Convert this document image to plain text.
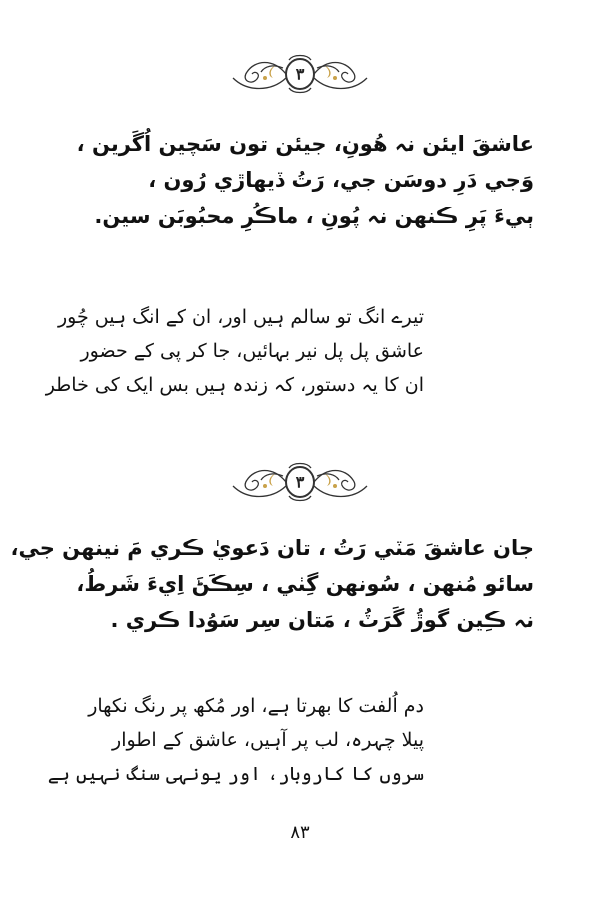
٣
عاشقَ ايئن نہ ھُونِ، جيئن تون سَچين اُگَرين ،
وَجي دَرِ دوسَن جي، رَتُ ڏيھاڙي رُون ،
ٻيءَ پَرِ ڪنھن نہ پُونِ ، ماڪُرِ محبُوبَن سين.
تیرے انگ تو سالم ہیں اور، ان کے انگ ہیں چُور
عاشق پل پل نیر بہائیں، جا کر پی کے حضور
ان کا یہ دستور، کہ زندہ ہیں بس ایک کی خاطر
٣
جان عاشقَ مَٽي رَتُ ، تان دَعويٰ ڪري مَ نينھن جي،
سائو مُنھن ، سُونھن گِٺي ، سِڪَڻَ اِيءَ شَرطُ،
نہ ڪِين گوڙُ گَرَٽُ ، مَتان سِر سَوُدا ڪري .
دم اُلفت کا بھرتا ہے، اور مُکھ پر رنگ نکھار
پیلا چہرہ، لب پر آہیں، عاشق کے اطوار
سروں کا کاروبار، اور یونہی سنگ نہیں ہے
٨٣
